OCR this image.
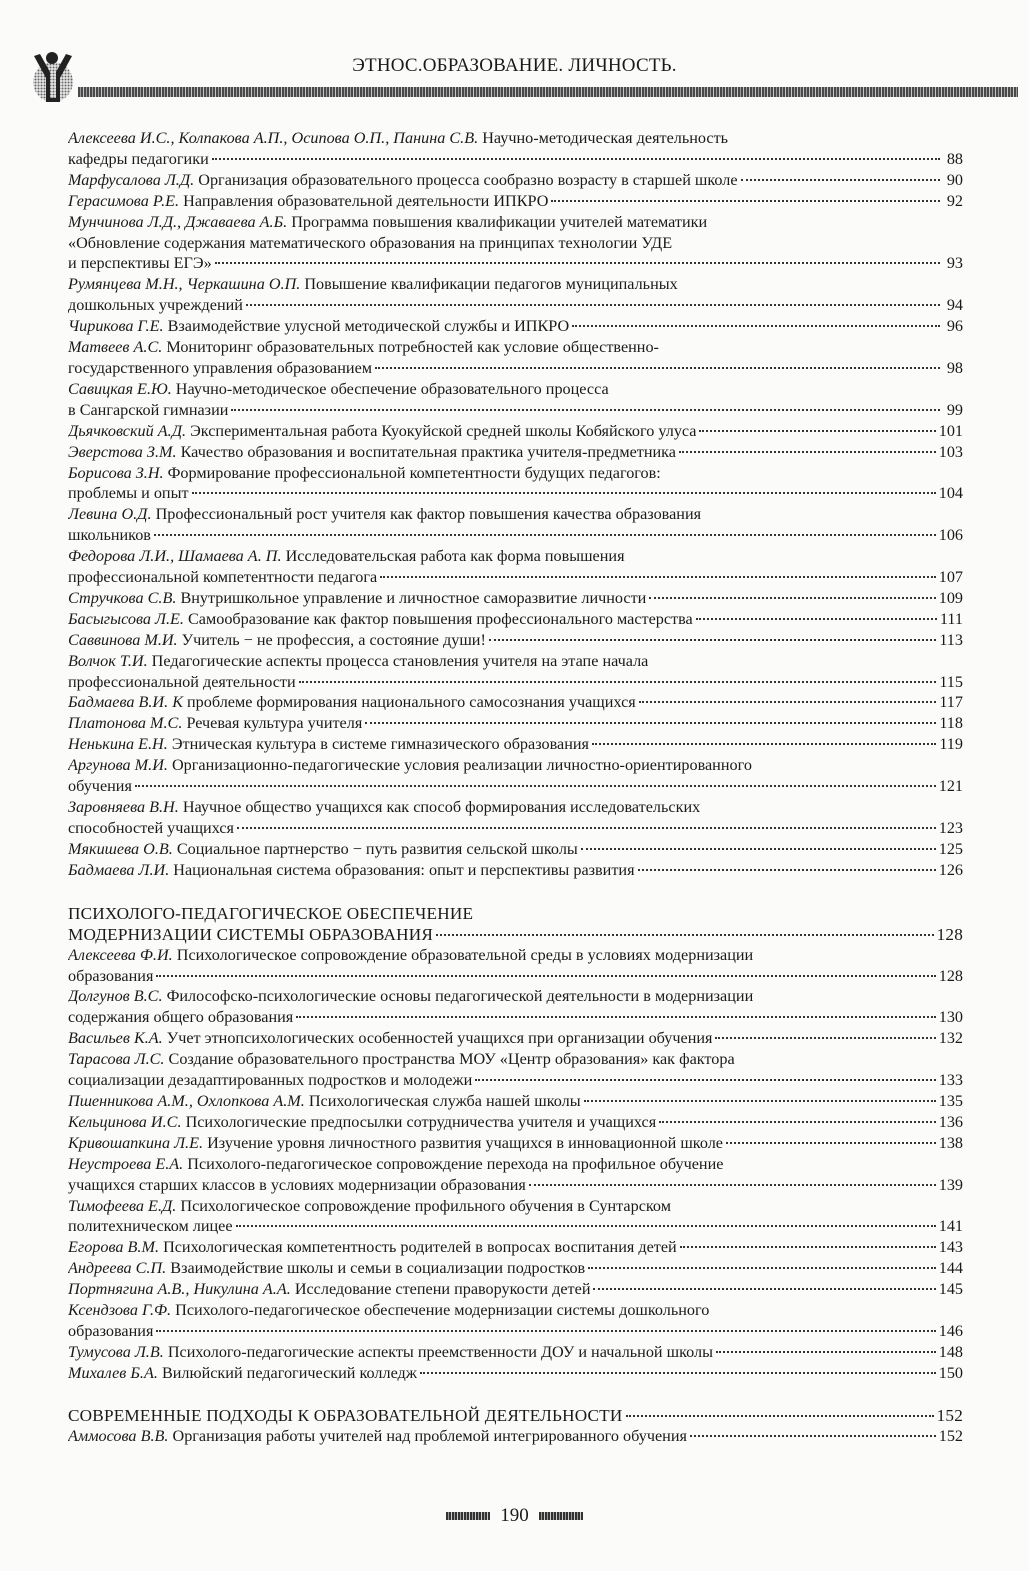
ЭТНОС.ОБРАЗОВАНИЕ. ЛИЧНОСТЬ.
Алексеева И.С., Колпакова А.П., Осипова О.П., Панина С.В. Научно-методическая деятельность
кафедры педагогики	88
Марфусалова Л.Д. Организация образовательного процесса сообразно возрасту в старшей школе	90
Герасимова Р.Е. Направления образовательной деятельности ИПКРО	92
Мунчинова Л.Д., Джаваева А.Б. Программа повышения квалификации учителей математики
«Обновление содержания математического образования на принципах технологии УДЕ
и перспективы ЕГЭ»	93
Румянцева М.Н., Черкашина О.П. Повышение квалификации педагогов муниципальных
дошкольных учреждений	94
Чирикова Г.Е. Взаимодействие улусной методической службы и ИПКРО	96
Матвеев А.С. Мониторинг образовательных потребностей как условие общественно-
государственного управления образованием	98
Савицкая Е.Ю. Научно-методическое обеспечение образовательного процесса
в Сангарской гимназии	99
Дьячковский А.Д. Экспериментальная работа Куокуйской средней школы Кобяйского улуса	101
Эверстова З.М. Качество образования и воспитательная практика учителя-предметника	103
Борисова З.Н. Формирование профессиональной компетентности будущих педагогов:
проблемы и опыт	104
Левина О.Д. Профессиональный рост учителя как фактор повышения качества образования
школьников	106
Федорова Л.И., Шамаева А. П. Исследовательская работа как форма повышения
профессиональной компетентности педагога	107
Стручкова С.В. Внутришкольное управление и личностное саморазвитие личности	109
Басыгысова Л.Е. Самообразование как фактор повышения профессионального мастерства	111
Саввинова М.И. Учитель − не профессия, а состояние души!	113
Волчок Т.И. Педагогические аспекты процесса становления учителя на этапе начала
профессиональной деятельности	115
Бадмаева В.И. К проблеме формирования национального самосознания учащихся	117
Платонова М.С. Речевая культура учителя	118
Ненькина Е.Н. Этническая культура в системе гимназического образования	119
Аргунова М.И. Организационно-педагогические условия реализации личностно-ориентированного
обучения	121
Заровняева В.Н. Научное общество учащихся как способ формирования исследовательских
способностей учащихся	123
Мякишева О.В. Социальное партнерство − путь развития сельской школы	125
Бадмаева Л.И. Национальная система образования: опыт и перспективы развития	126
ПСИХОЛОГО-ПЕДАГОГИЧЕСКОЕ ОБЕСПЕЧЕНИЕ
МОДЕРНИЗАЦИИ СИСТЕМЫ ОБРАЗОВАНИЯ	128
Алексеева Ф.И. Психологическое сопровождение образовательной среды в условиях модернизации
образования	128
Долгунов В.С. Философско-психологические основы педагогической деятельности в модернизации
содержания общего образования	130
Васильев К.А. Учет этнопсихологических особенностей учащихся при организации обучения	132
Тарасова Л.С. Создание образовательного пространства МОУ «Центр образования» как фактора
социализации дезадаптированных подростков и молодежи	133
Пшенникова А.М., Охлопкова А.М. Психологическая служба нашей школы	135
Кельцинова И.С. Психологические предпосылки сотрудничества учителя и учащихся	136
Кривошапкина Л.Е. Изучение уровня личностного развития учащихся в инновационной школе	138
Неустроева Е.А. Психолого-педагогическое сопровождение перехода на профильное обучение
учащихся старших классов в условиях модернизации образования	139
Тимофеева Е.Д. Психологическое сопровождение профильного обучения в Сунтарском
политехническом лицее	141
Егорова В.М. Психологическая компетентность родителей в вопросах воспитания детей	143
Андреева С.П. Взаимодействие школы и семьи в социализации подростков	144
Портнягина А.В., Никулина А.А. Исследование степени праворукости детей	145
Ксендзова Г.Ф. Психолого-педагогическое обеспечение модернизации системы дошкольного
образования	146
Тумусова Л.В. Психолого-педагогические аспекты преемственности ДОУ и начальной школы	148
Михалев Б.А. Вилюйский педагогический колледж	150
СОВРЕМЕННЫЕ ПОДХОДЫ К ОБРАЗОВАТЕЛЬНОЙ ДЕЯТЕЛЬНОСТИ	152
Аммосова В.В. Организация работы учителей над проблемой интегрированного обучения	152
190
